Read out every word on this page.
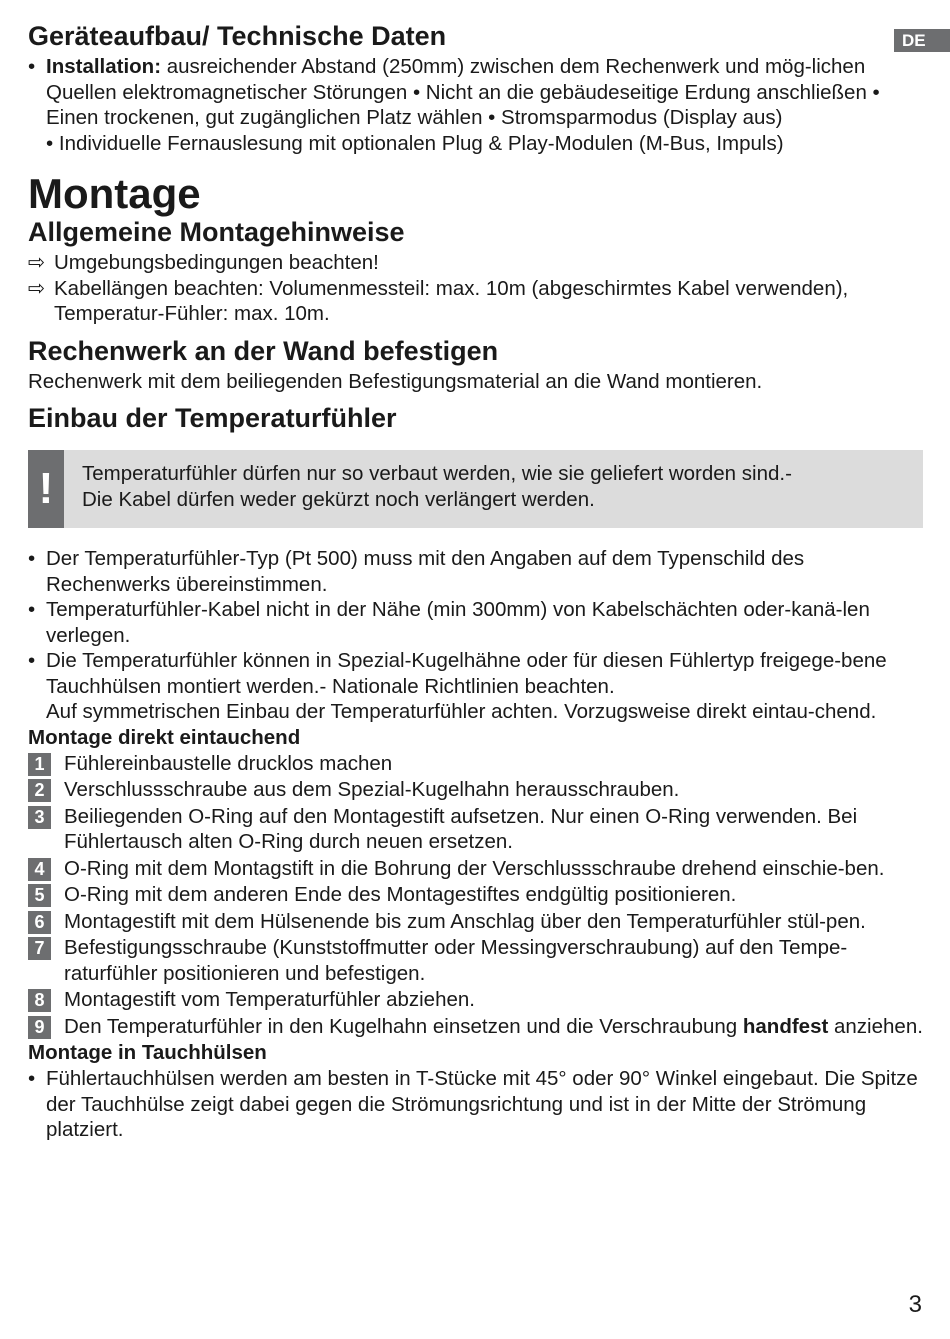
DE
Geräteaufbau/ Technische Daten

• Installation: ausreichender Abstand (250mm) zwischen dem Rechenwerk und mög-lichen Quellen elektromagnetischer Störungen • Nicht an die gebäudeseitige Erdung anschließen • Einen trockenen, gut zugänglichen Platz wählen • Stromsparmodus (Display aus)

• Individuelle Fernauslesung mit optionalen Plug & Play-Modulen (M-Bus, Impuls)

Montage
Allgemeine Montagehinweise

⇨ Umgebungsbedingungen beachten!

⇨ Kabellängen beachten: Volumenmessteil: max. 10m (abgeschirmtes Kabel verwenden), Temperatur-Fühler: max. 10m.

Rechenwerk an der Wand befestigen

Rechenwerk mit dem beiliegenden Befestigungsmaterial an die Wand montieren.

Einbau der Temperaturfühler
!	Temperaturfühler dürfen nur so verbaut werden, wie sie geliefert worden sind.-
Die Kabel dürfen weder gekürzt noch verlängert werden.

• Der Temperaturfühler-Typ (Pt 500) muss mit den Angaben auf dem Typenschild des Rechenwerks übereinstimmen.

• Temperaturfühler-Kabel nicht in der Nähe (min 300mm) von Kabelschächten oder-kanä-len verlegen.

• Die Temperaturfühler können in Spezial-Kugelhähne oder für diesen Fühlertyp freigege-bene Tauchhülsen montiert werden.- Nationale Richtlinien beachten.

Auf symmetrischen Einbau der Temperaturfühler achten. Vorzugsweise direkt eintau-chend.

Montage direkt eintauchend

1 Fühlereinbaustelle drucklos machen

2 Verschlussschraube aus dem Spezial-Kugelhahn herausschrauben.

3 Beiliegenden O-Ring auf den Montagestift aufsetzen. Nur einen O-Ring verwenden. Bei Fühlertausch alten O-Ring durch neuen ersetzen.

4 O-Ring mit dem Montagstift in die Bohrung der Verschlussschraube drehend einschie-ben.

5 O-Ring mit dem anderen Ende des Montagestiftes endgültig positionieren.

6 Montagestift mit dem Hülsenende bis zum Anschlag über den Temperaturfühler stül-pen.

7 Befestigungsschraube (Kunststoffmutter oder Messingverschraubung) auf den Tempe-raturfühler positionieren und befestigen.

8 Montagestift vom Temperaturfühler abziehen.

9 Den Temperaturfühler in den Kugelhahn einsetzen und die Verschraubung handfest anziehen.

Montage in Tauchhülsen

• Fühlertauchhülsen werden am besten in T-Stücke mit 45° oder 90° Winkel eingebaut. Die Spitze der Tauchhülse zeigt dabei gegen die Strömungsrichtung und ist in der Mitte der Strömung platziert.

3
